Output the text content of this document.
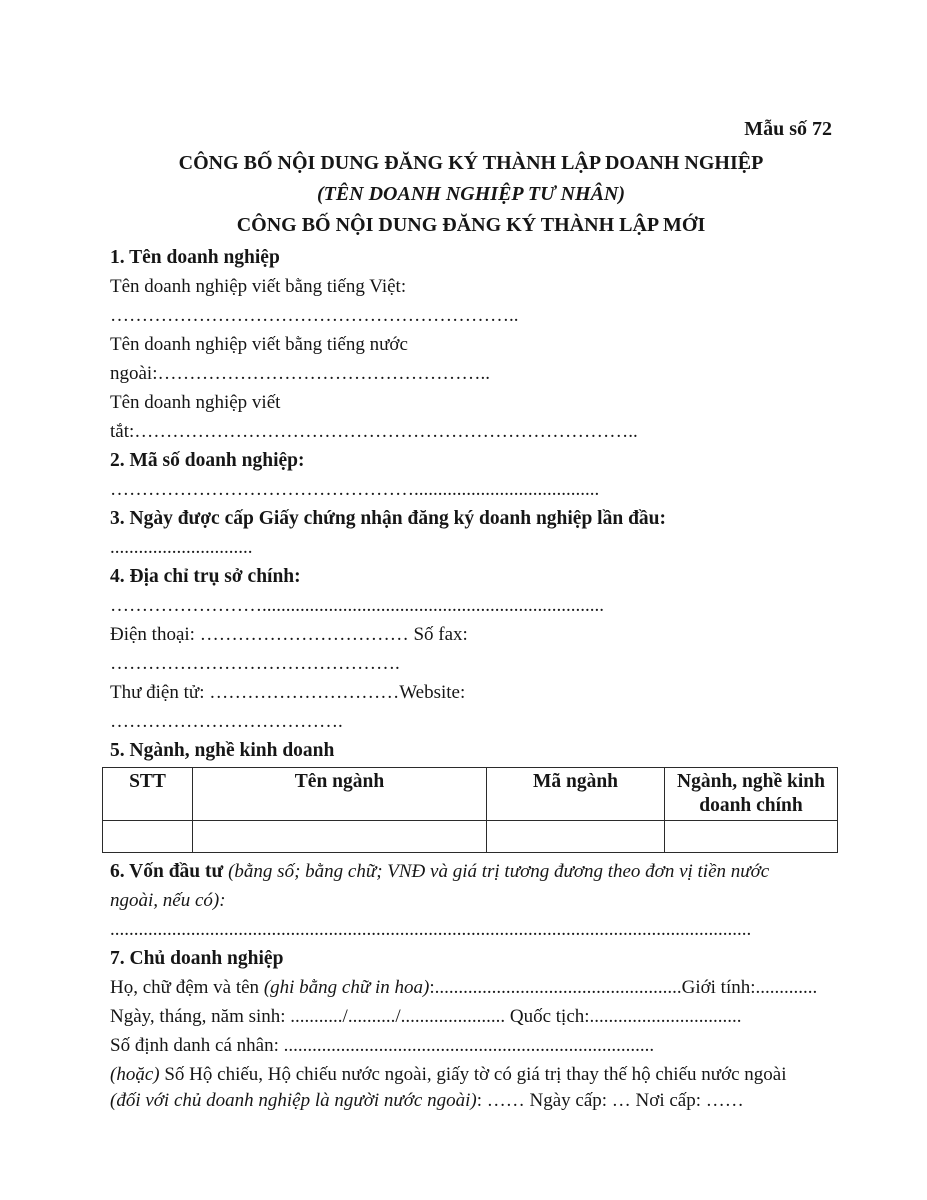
Mẫu số 72

CÔNG BỐ NỘI DUNG ĐĂNG KÝ THÀNH LẬP DOANH NGHIỆP
(TÊN DOANH NGHIỆP TƯ NHÂN)
CÔNG BỐ NỘI DUNG ĐĂNG KÝ THÀNH LẬP MỚI
1. Tên doanh nghiệp
Tên doanh nghiệp viết bằng tiếng Việt:
………………………………………………………..
Tên doanh nghiệp viết bằng tiếng nước
ngoài:……………………………………………..
Tên doanh nghiệp viết
tắt:……………………………………………………………………..
2. Mã số doanh nghiệp:
………………………………………….......................................
3. Ngày được cấp Giấy chứng nhận đăng ký doanh nghiệp lần đầu:
..............................
4. Địa chỉ trụ sở chính:
……………………........................................................................
Điện thoại: …………………………… Số fax:
……………………………………….
Thư điện tử: …………………………Website:
……………………………….
5. Ngành, nghề kinh doanh
STT	Tên ngành	Mã ngành	Ngành, nghề kinh doanh chính

6. Vốn đầu tư (bằng số; bằng chữ; VNĐ và giá trị tương đương theo đơn vị tiền nước
ngoài, nếu có):
.......................................................................................................................................
7. Chủ doanh nghiệp
Họ, chữ đệm và tên (ghi bằng chữ in hoa):....................................................Giới tính:.............
Ngày, tháng, năm sinh: .........../........../...................... Quốc tịch:................................
Số định danh cá nhân: ..............................................................................
(hoặc) Số Hộ chiếu, Hộ chiếu nước ngoài, giấy tờ có giá trị thay thế hộ chiếu nước ngoài
(đối với chủ doanh nghiệp là người nước ngoài): …… Ngày cấp: … Nơi cấp: ……
